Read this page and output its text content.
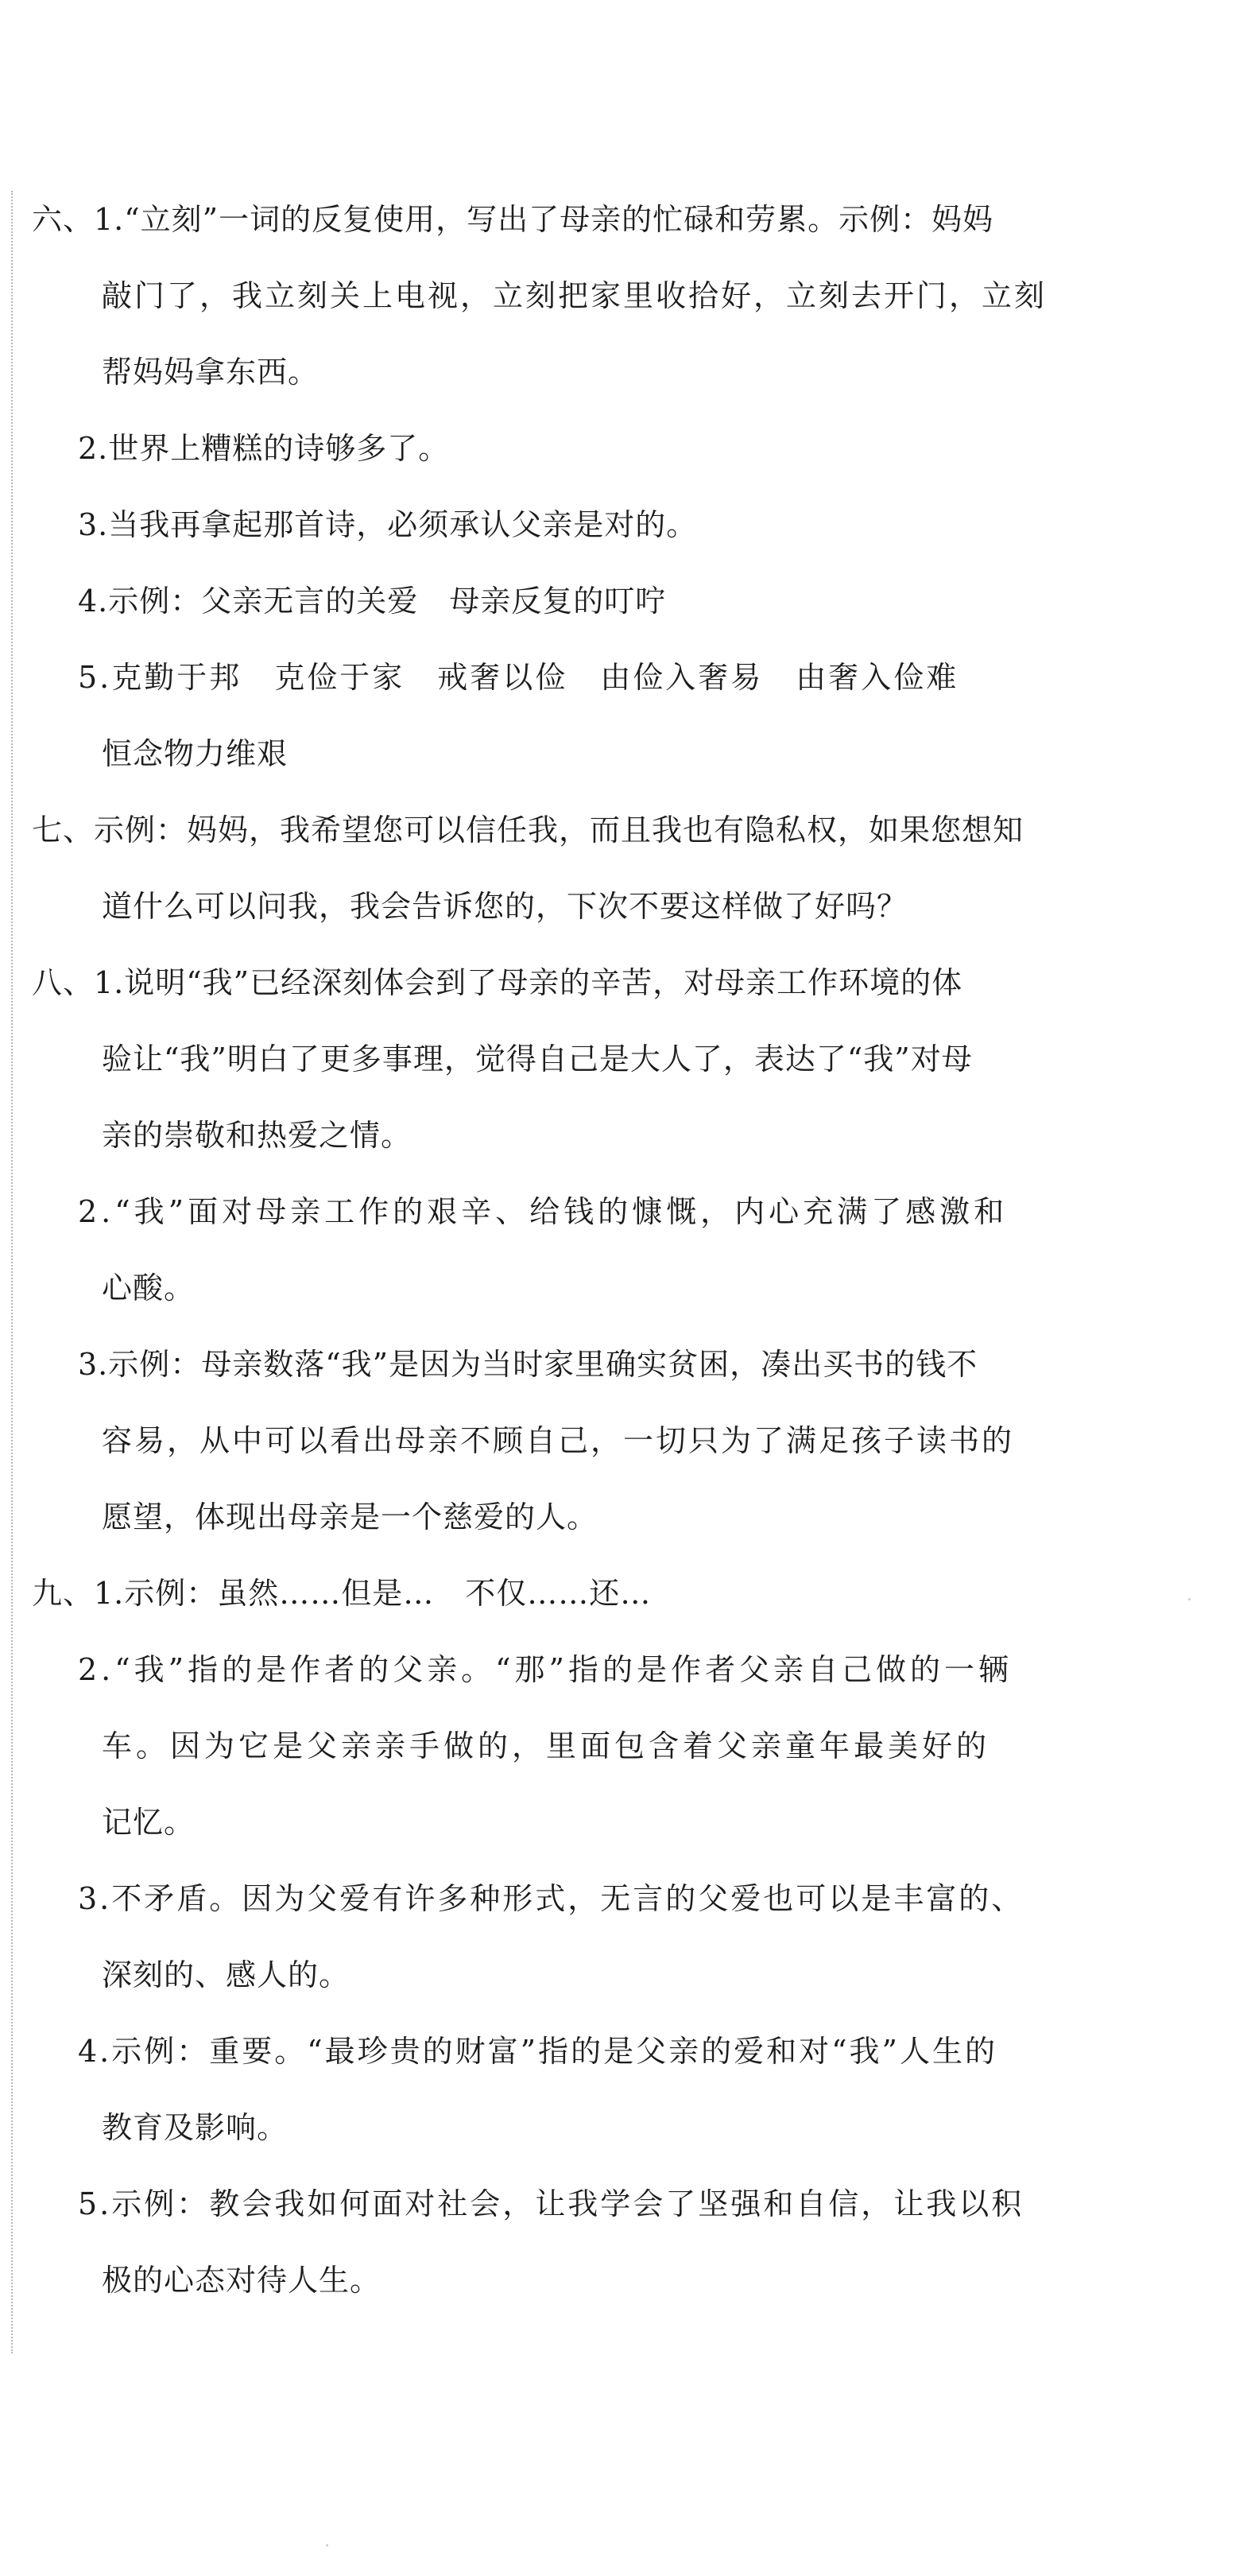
六、1.“立刻”一词的反复使用，写出了母亲的忙碌和劳累。示例：妈妈
敲门了，我立刻关上电视，立刻把家里收拾好，立刻去开门，立刻
帮妈妈拿东西。
2.世界上糟糕的诗够多了。
3.当我再拿起那首诗，必须承认父亲是对的。
4.示例：父亲无言的关爱　母亲反复的叮咛
5.克勤于邦　克俭于家　戒奢以俭　由俭入奢易　由奢入俭难
恒念物力维艰
七、示例：妈妈，我希望您可以信任我，而且我也有隐私权，如果您想知
道什么可以问我，我会告诉您的，下次不要这样做了好吗？
八、1.说明“我”已经深刻体会到了母亲的辛苦，对母亲工作环境的体
验让“我”明白了更多事理，觉得自己是大人了，表达了“我”对母
亲的崇敬和热爱之情。
2.“我”面对母亲工作的艰辛、给钱的慷慨，内心充满了感激和
心酸。
3.示例：母亲数落“我”是因为当时家里确实贫困，凑出买书的钱不
容易，从中可以看出母亲不顾自己，一切只为了满足孩子读书的
愿望，体现出母亲是一个慈爱的人。
九、1.示例：虽然……但是…　不仅……还…
2.“我”指的是作者的父亲。“那”指的是作者父亲自己做的一辆
车。因为它是父亲亲手做的，里面包含着父亲童年最美好的
记忆。
3.不矛盾。因为父爱有许多种形式，无言的父爱也可以是丰富的、
深刻的、感人的。
4.示例：重要。“最珍贵的财富”指的是父亲的爱和对“我”人生的
教育及影响。
5.示例：教会我如何面对社会，让我学会了坚强和自信，让我以积
极的心态对待人生。
